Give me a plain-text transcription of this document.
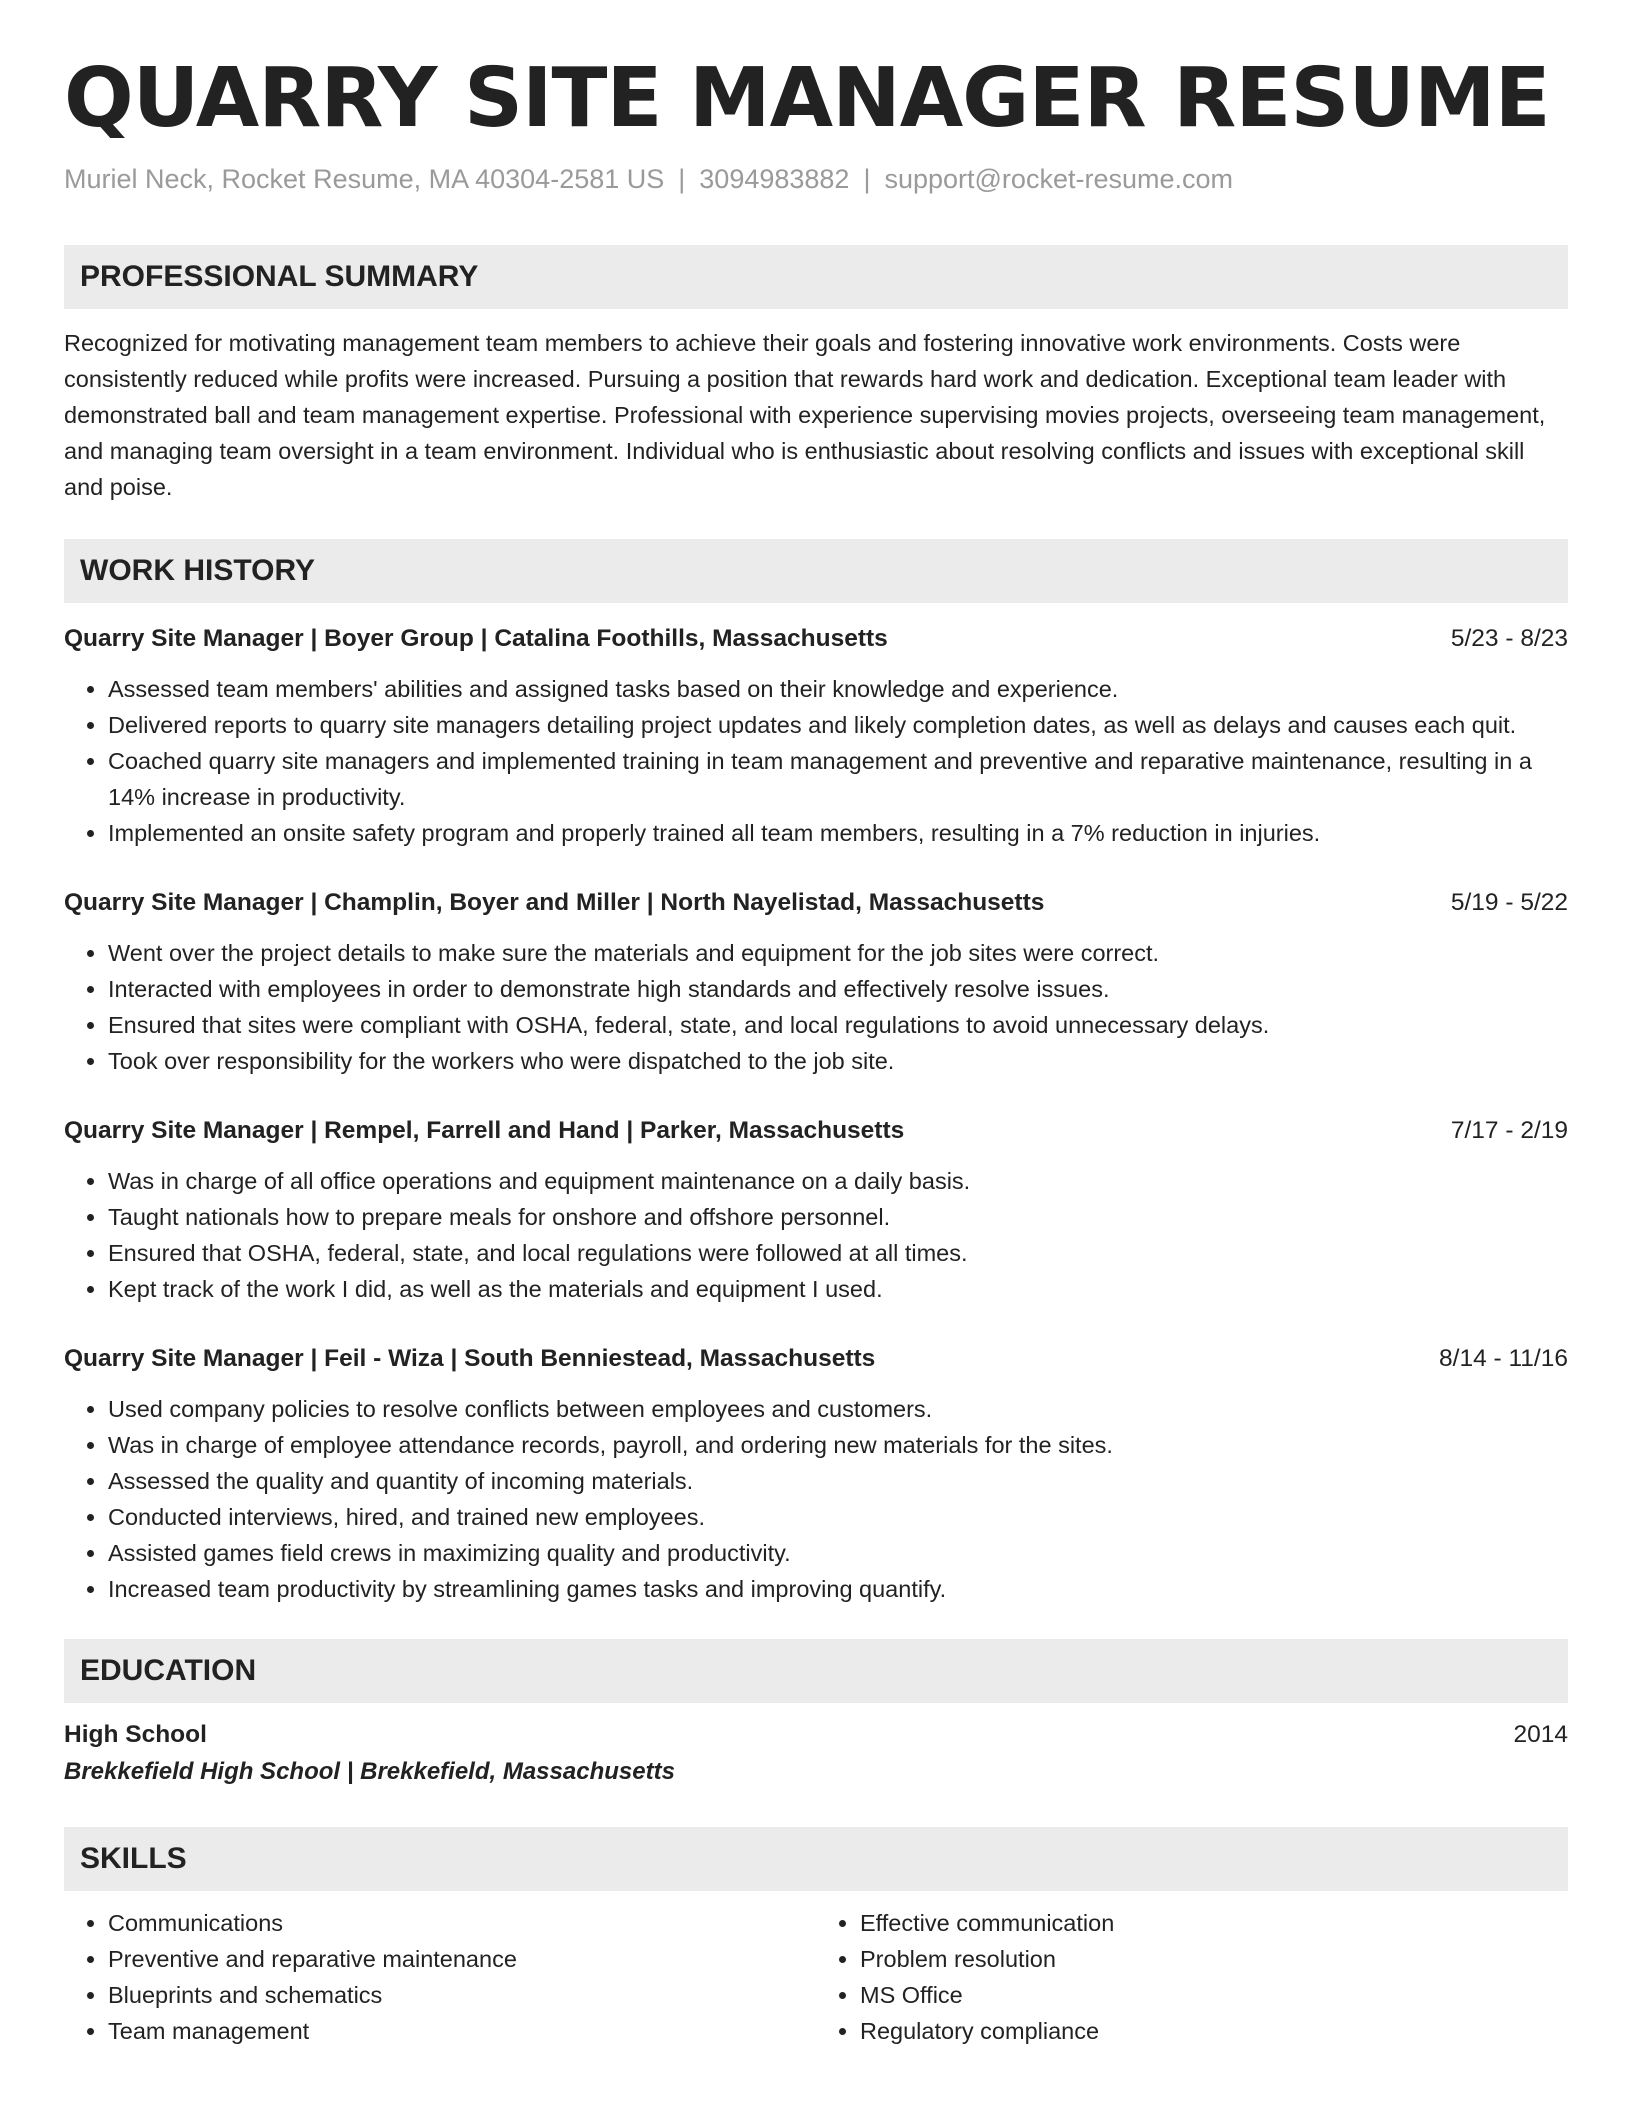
QUARRY SITE MANAGER RESUME
Muriel Neck, Rocket Resume, MA 40304-2581 US | 3094983882 | support@rocket-resume.com
PROFESSIONAL SUMMARY
Recognized for motivating management team members to achieve their goals and fostering innovative work environments. Costs were consistently reduced while profits were increased. Pursuing a position that rewards hard work and dedication. Exceptional team leader with demonstrated ball and team management expertise. Professional with experience supervising movies projects, overseeing team management, and managing team oversight in a team environment. Individual who is enthusiastic about resolving conflicts and issues with exceptional skill and poise.
WORK HISTORY
Quarry Site Manager | Boyer Group | Catalina Foothills, Massachusetts	5/23 - 8/23
• Assessed team members' abilities and assigned tasks based on their knowledge and experience.
• Delivered reports to quarry site managers detailing project updates and likely completion dates, as well as delays and causes each quit.
• Coached quarry site managers and implemented training in team management and preventive and reparative maintenance, resulting in a 14% increase in productivity.
• Implemented an onsite safety program and properly trained all team members, resulting in a 7% reduction in injuries.
Quarry Site Manager | Champlin, Boyer and Miller | North Nayelistad, Massachusetts	5/19 - 5/22
• Went over the project details to make sure the materials and equipment for the job sites were correct.
• Interacted with employees in order to demonstrate high standards and effectively resolve issues.
• Ensured that sites were compliant with OSHA, federal, state, and local regulations to avoid unnecessary delays.
• Took over responsibility for the workers who were dispatched to the job site.
Quarry Site Manager | Rempel, Farrell and Hand | Parker, Massachusetts	7/17 - 2/19
• Was in charge of all office operations and equipment maintenance on a daily basis.
• Taught nationals how to prepare meals for onshore and offshore personnel.
• Ensured that OSHA, federal, state, and local regulations were followed at all times.
• Kept track of the work I did, as well as the materials and equipment I used.
Quarry Site Manager | Feil - Wiza | South Benniestead, Massachusetts	8/14 - 11/16
• Used company policies to resolve conflicts between employees and customers.
• Was in charge of employee attendance records, payroll, and ordering new materials for the sites.
• Assessed the quality and quantity of incoming materials.
• Conducted interviews, hired, and trained new employees.
• Assisted games field crews in maximizing quality and productivity.
• Increased team productivity by streamlining games tasks and improving quantify.
EDUCATION
High School	2014
Brekkefield High School | Brekkefield, Massachusetts
SKILLS
• Communications
• Preventive and reparative maintenance
• Blueprints and schematics
• Team management
• Effective communication
• Problem resolution
• MS Office
• Regulatory compliance
